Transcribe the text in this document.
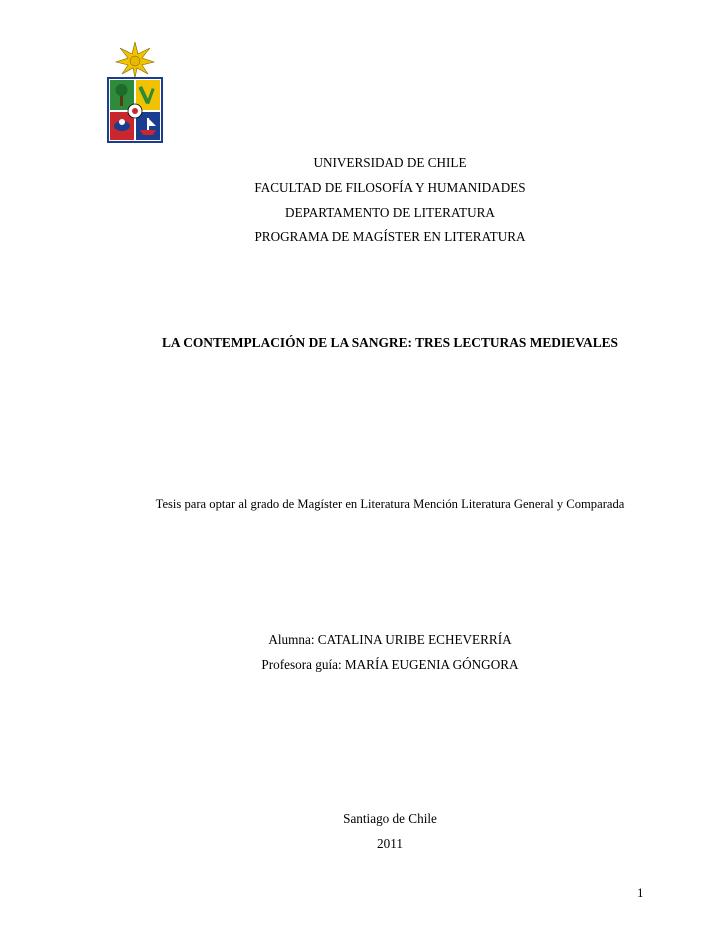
UNIVERSIDAD DE CHILE
FACULTAD DE FILOSOFÍA Y HUMANIDADES
DEPARTAMENTO DE LITERATURA
PROGRAMA DE MAGÍSTER EN LITERATURA
LA CONTEMPLACIÓN DE LA SANGRE: TRES LECTURAS MEDIEVALES
Tesis para optar al grado de Magíster en Literatura Mención Literatura General y Comparada
Alumna: CATALINA URIBE ECHEVERRÍA
Profesora guía: MARÍA EUGENIA GÓNGORA
Santiago de Chile
2011
1
